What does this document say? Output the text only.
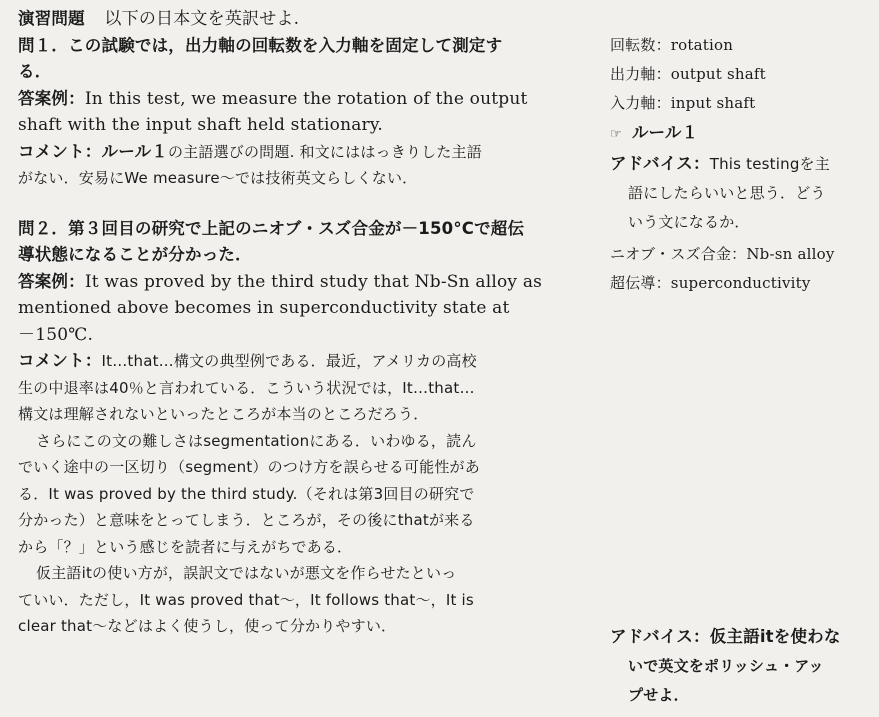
演習問題 以下の日本文を英訳せよ.
問１．この試験では，出力軸の回転数を入力軸を固定して測定す
る．
答案例：In this test, we measure the rotation of the output
shaft with the input shaft held stationary.
コメント：ルール１の主語選びの問題. 和文にははっきりした主語
がない．安易にWe measure～では技術英文らしくない．
問２．第３回目の研究で上記のニオブ・スズ合金が－150°Cで超伝
導状態になることが分かった．
答案例：It was proved by the third study that Nb-Sn alloy as
mentioned above becomes in superconductivity state at
－150℃.
コメント：It…that…構文の典型例である．最近，アメリカの高校
生の中退率は40％と言われている．こういう状況では，It…that…
構文は理解されないといったところが本当のところだろう．
さらにこの文の難しさはsegmentationにある．いわゆる，読ん
でいく途中の一区切り（segment）のつけ方を誤らせる可能性があ
る．It was proved by the third study.（それは第3回目の研究で
分かった）と意味をとってしまう．ところが，その後にthatが来る
から「？」という感じを読者に与えがちである．
仮主語itの使い方が，誤訳文ではないが悪文を作らせたといっ
ていい．ただし，It was proved that～，It follows that～，It is
clear that～などはよく使うし，使って分かりやすい．
回転数：rotation
出力軸：output shaft
入力軸：input shaft
☞ ルール１
アドバイス：This testingを主
語にしたらいいと思う．どう
いう文になるか．
ニオブ・スズ合金：Nb-sn alloy
超伝導：superconductivity
アドバイス：仮主語itを使わな
いで英文をポリッシュ・アッ
プせよ．
